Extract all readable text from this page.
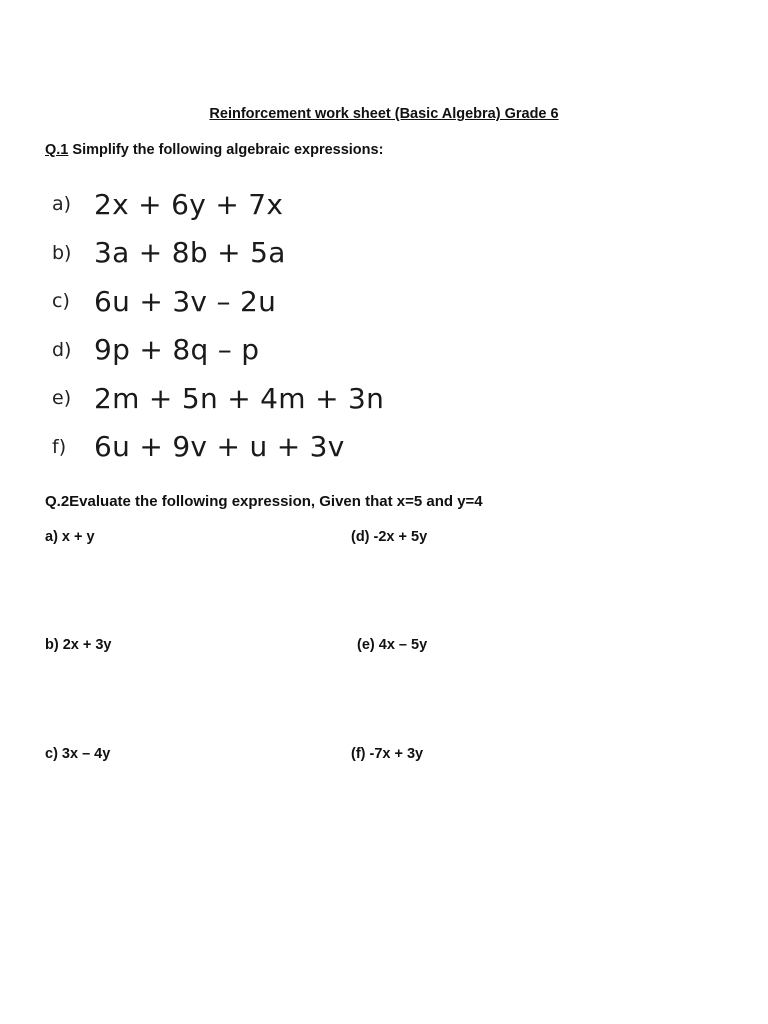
Reinforcement work sheet (Basic Algebra) Grade 6
Q.1 Simplify the following algebraic expressions:
a) 2x + 6y + 7x
b) 3a + 8b + 5a
c) 6u + 3v – 2u
d) 9p + 8q – p
e) 2m + 5n + 4m + 3n
f) 6u + 9v + u + 3v
Q.2Evaluate the following expression, Given that x=5 and y=4
a) x + y	(d) -2x + 5y
b) 2x + 3y	(e) 4x – 5y
c) 3x – 4y	(f) -7x + 3y
